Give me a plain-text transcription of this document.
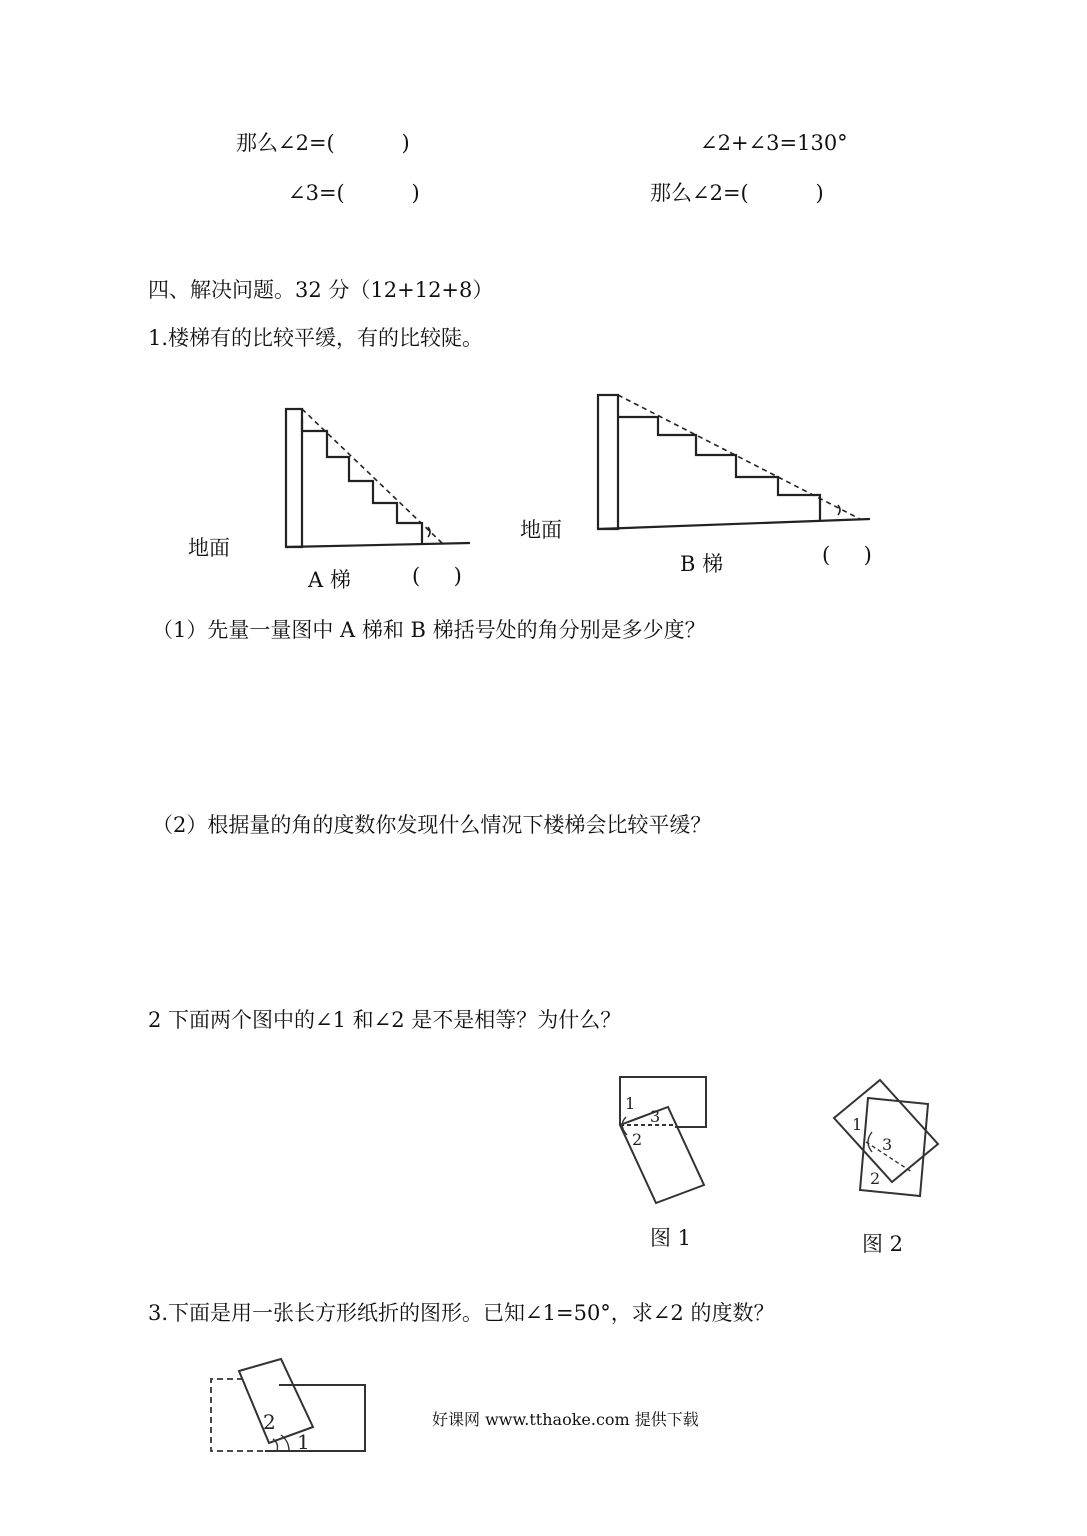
那么∠2=(          )
∠3=(          )
∠2+∠3=130°
那么∠2=(          )
四、解决问题。32 分（12+12+8）
1.楼梯有的比较平缓，有的比较陡。
地面
A 梯	(     )
地面
B 梯	(     )
（1）先量一量图中 A 梯和 B 梯括号处的角分别是多少度？
（2）根据量的角的度数你发现什么情况下楼梯会比较平缓？
2 下面两个图中的∠1 和∠2 是不是相等？为什么？
1
3
2
图 1
1
3
2
图 2
3.下面是用一张长方形纸折的图形。已知∠1=50°，求∠2 的度数？
2
1
好课网 www.tthaoke.com 提供下载
